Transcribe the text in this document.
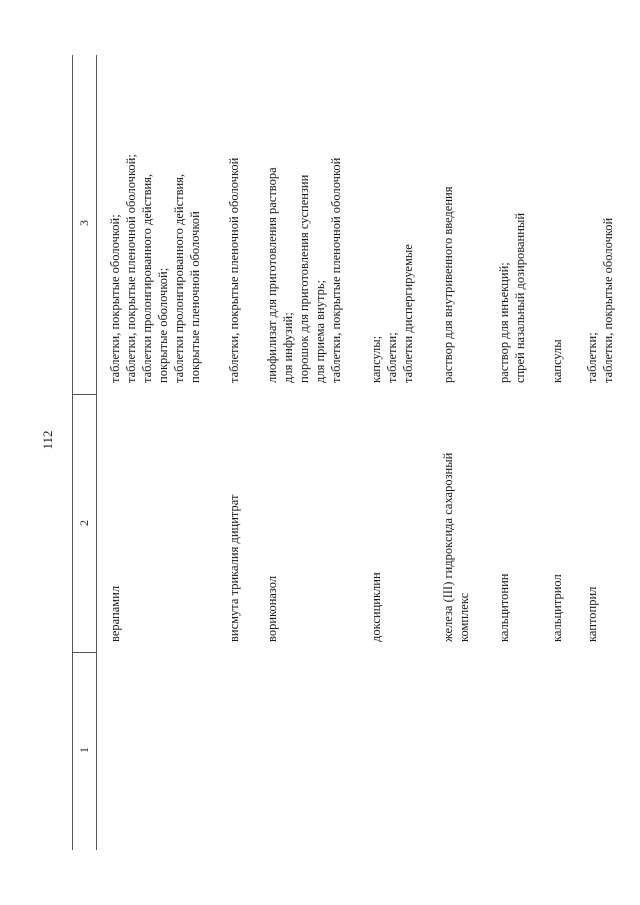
112
1
2
3
верапамил
таблетки, покрытые оболочкой; таблетки, покрытые пленочной оболочкой; таблетки пролонгированного действия, покрытые оболочкой; таблетки пролонгированного действия, покрытые пленочной оболочкой
висмута трикалия дицитрат
таблетки, покрытые пленочной оболочкой
вориконазол
лиофилизат для приготовления раствора для инфузий; порошок для приготовления суспензии для приема внутрь; таблетки, покрытые пленочной оболочкой
доксициклин
капсулы; таблетки; таблетки диспергируемые
железа (III) гидроксида сахарозный комплекс
раствор для внутривенного введения
кальцитонин
раствор для инъекций; спрей назальный дозированный
кальцитриол
капсулы
каптоприл
таблетки; таблетки, покрытые оболочкой
